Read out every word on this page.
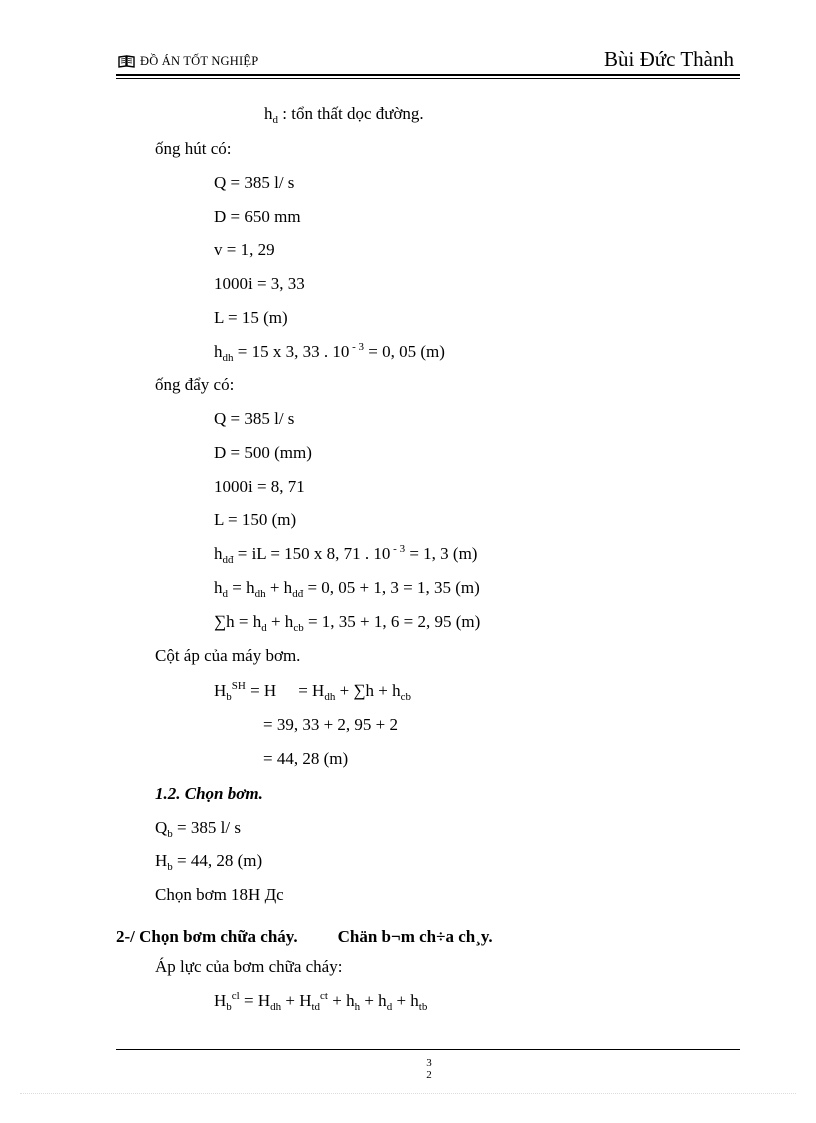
ĐỒ ÁN TỐT NGHIỆP	Bùi Đức Thành
$h_d$ : tổn thất dọc đường.
ống hút có:
Q = 385 l/ s
D = 650 mm
v = 1, 29
1000i = 3, 33
L = 15 (m)
$h_{dh} = 15$ x 3, 33 . 10 $^{- 3}$ = 0, 05 (m)
ống đẩy có:
Q = 385 l/ s
D = 500 (mm)
1000i = 8, 71
L = 150 (m)
$h_{dđ}$ = iL = 150 x 8, 71 . 10 $^{- 3}$ = 1, 3 (m)
$h_d = h_{dh} + h_{dđ} = 0$, 05 + 1, 3 = 1, 35 (m)
$\sum h = h_d + h_{cb} = 1$, 35 + 1, 6 = 2, 95 (m)
Cột áp của máy bơm.
$H_b^{SH} = H = H_{dh} + \sum h + h_{cb}$
= 39, 33 + 2, 95 + 2
= 44, 28 (m)
1.2. Chọn bơm.
$Q_b = 385$ l/ s
$H_b = 44$, 28 (m)
Chọn bơm 18H Дс
2-/ Chọn bơm chữa cháy. Chän b¬m ch÷a ch¸y.
Áp lực của bơm chữa cháy:
$H_b^{cl} = H_{dh} + H_{td}^{ct} + h_h + h_d + h_{tb}$
3
2
